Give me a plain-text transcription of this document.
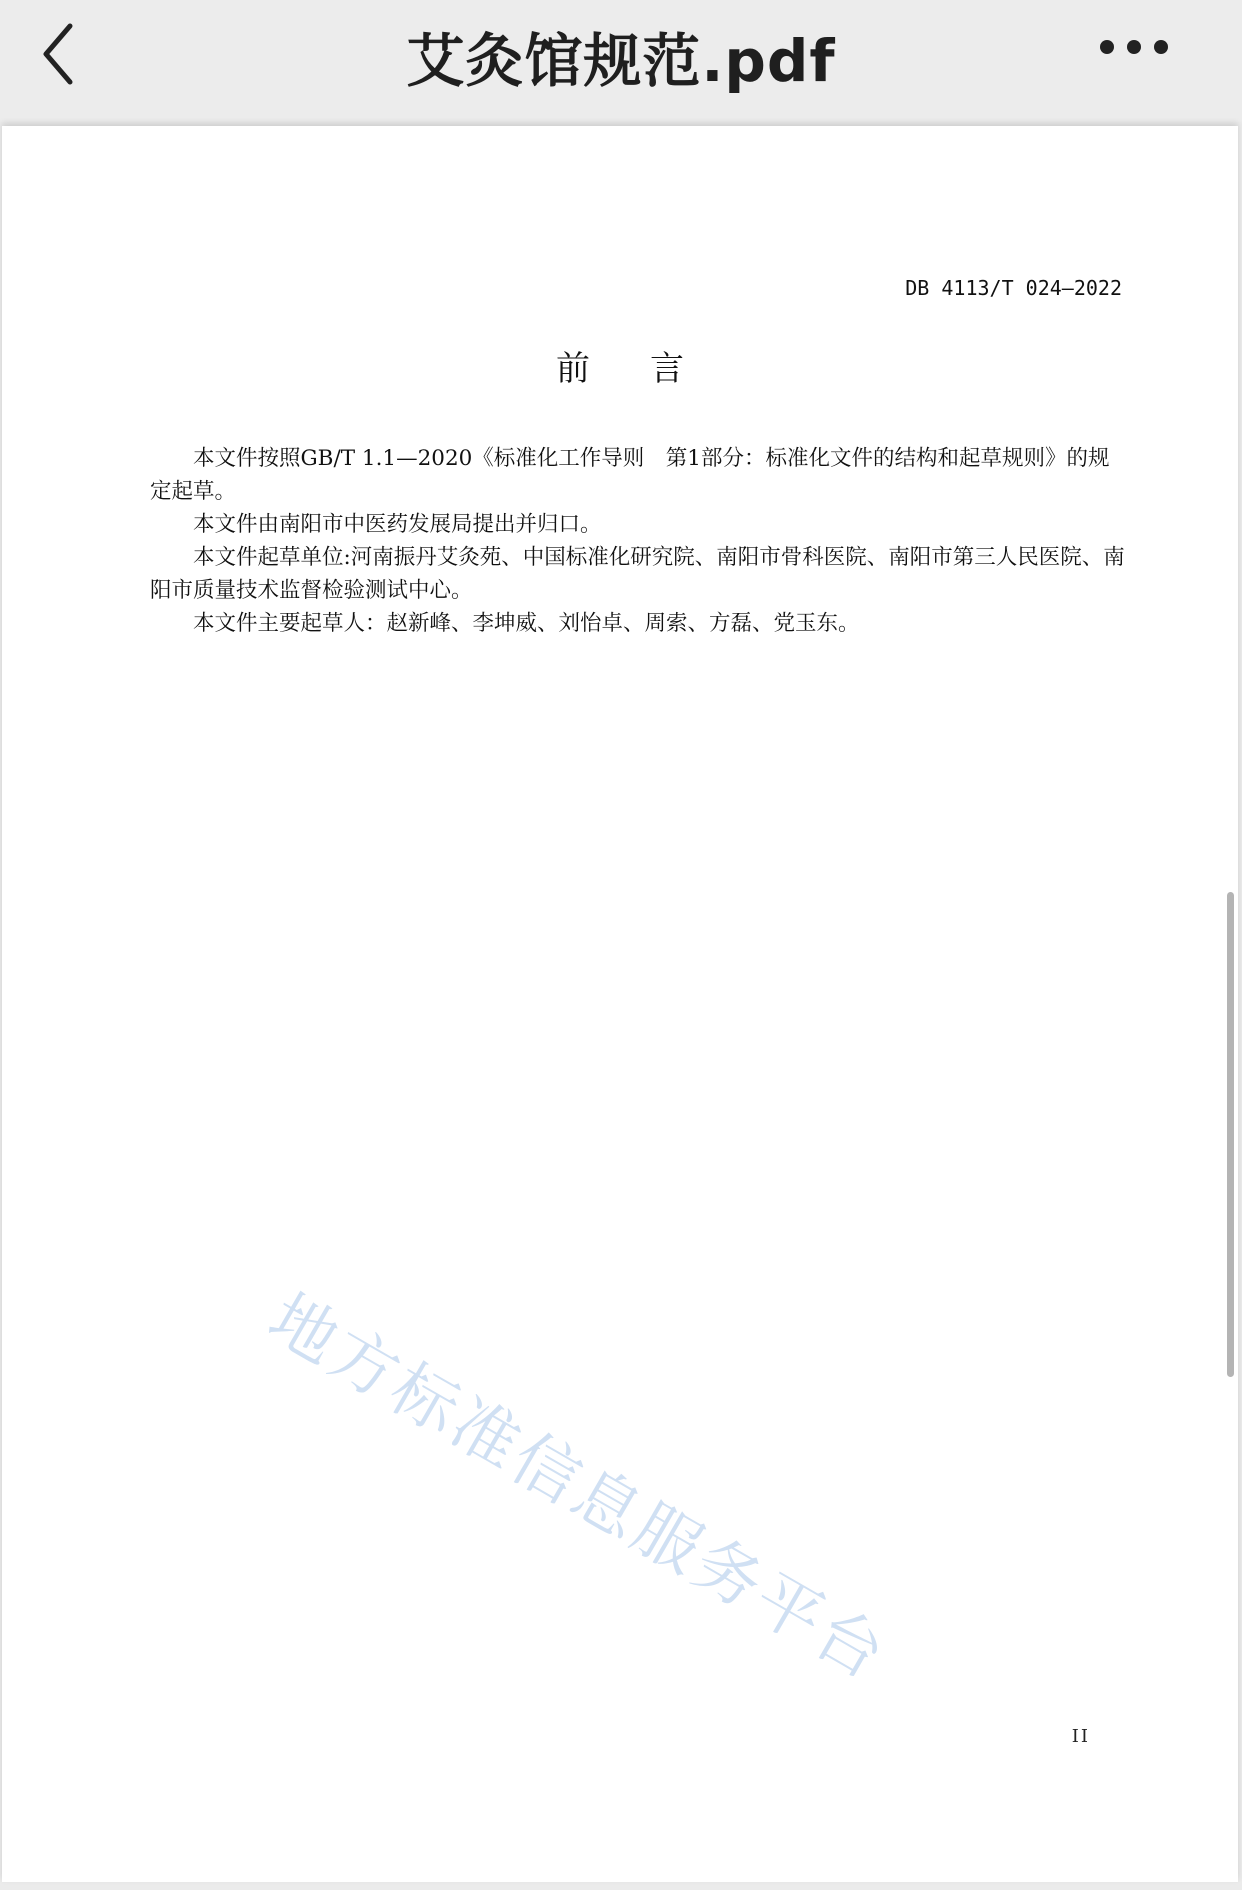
艾灸馆规范.pdf
DB 4113/T 024—2022
前言

本文件按照GB/T 1.1—2020《标准化工作导则　第1部分：标准化文件的结构和起草规则》的规定起草。

本文件由南阳市中医药发展局提出并归口。

本文件起草单位:河南振丹艾灸苑、中国标准化研究院、南阳市骨科医院、南阳市第三人民医院、南阳市质量技术监督检验测试中心。

本文件主要起草人：赵新峰、李坤威、刘怡卓、周索、方磊、党玉东。

地方标准信息服务平台
II
